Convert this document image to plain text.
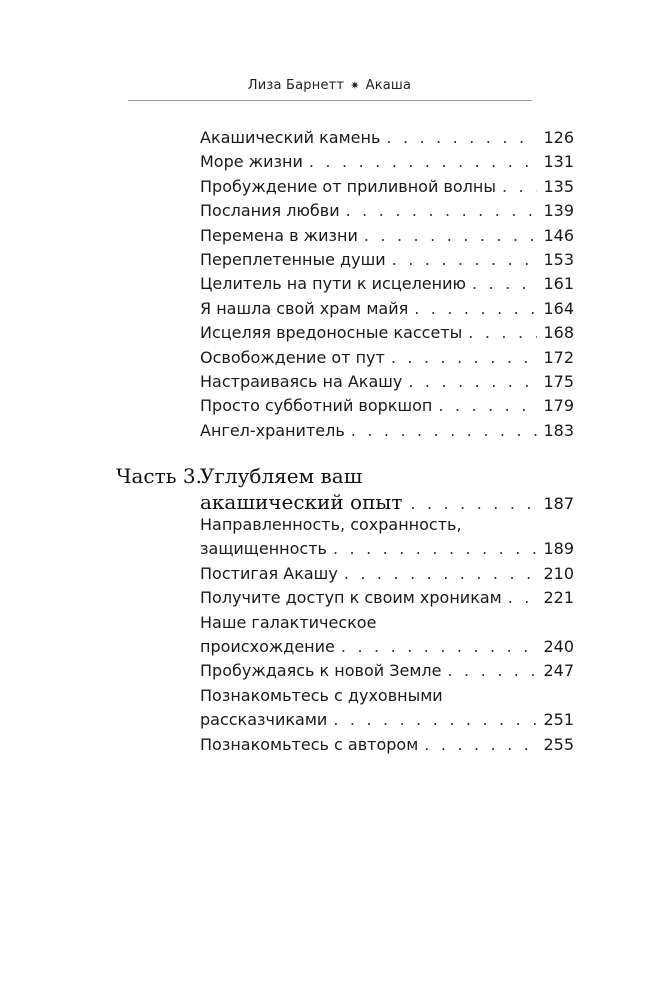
Лиза Барнетт ✷ Акаша
Акашический камень . . .	126
Море жизни . . .	131
Пробуждение от приливной волны . . .	135
Послания любви . . .	139
Перемена в жизни . . .	146
Переплетенные души . . .	153
Целитель на пути к исцелению . . .	161
Я нашла свой храм майя . . .	164
Исцеляя вредоносные кассеты . . .	168
Освобождение от пут . . .	172
Настраиваясь на Акашу . . .	175
Просто субботний воркшоп . . .	179
Ангел-хранитель . . .	183
Часть 3.
Углубляем ваш
акашический опыт . . .	187
Направленность, сохранность,
защищенность . . .	189
Постигая Акашу . . .	210
Получите доступ к своим хроникам . . .	221
Наше галактическое
происхождение . . .	240
Пробуждаясь к новой Земле . . .	247
Познакомьтесь с духовными
рассказчиками . . .	251
Познакомьтесь с автором . . .	255
